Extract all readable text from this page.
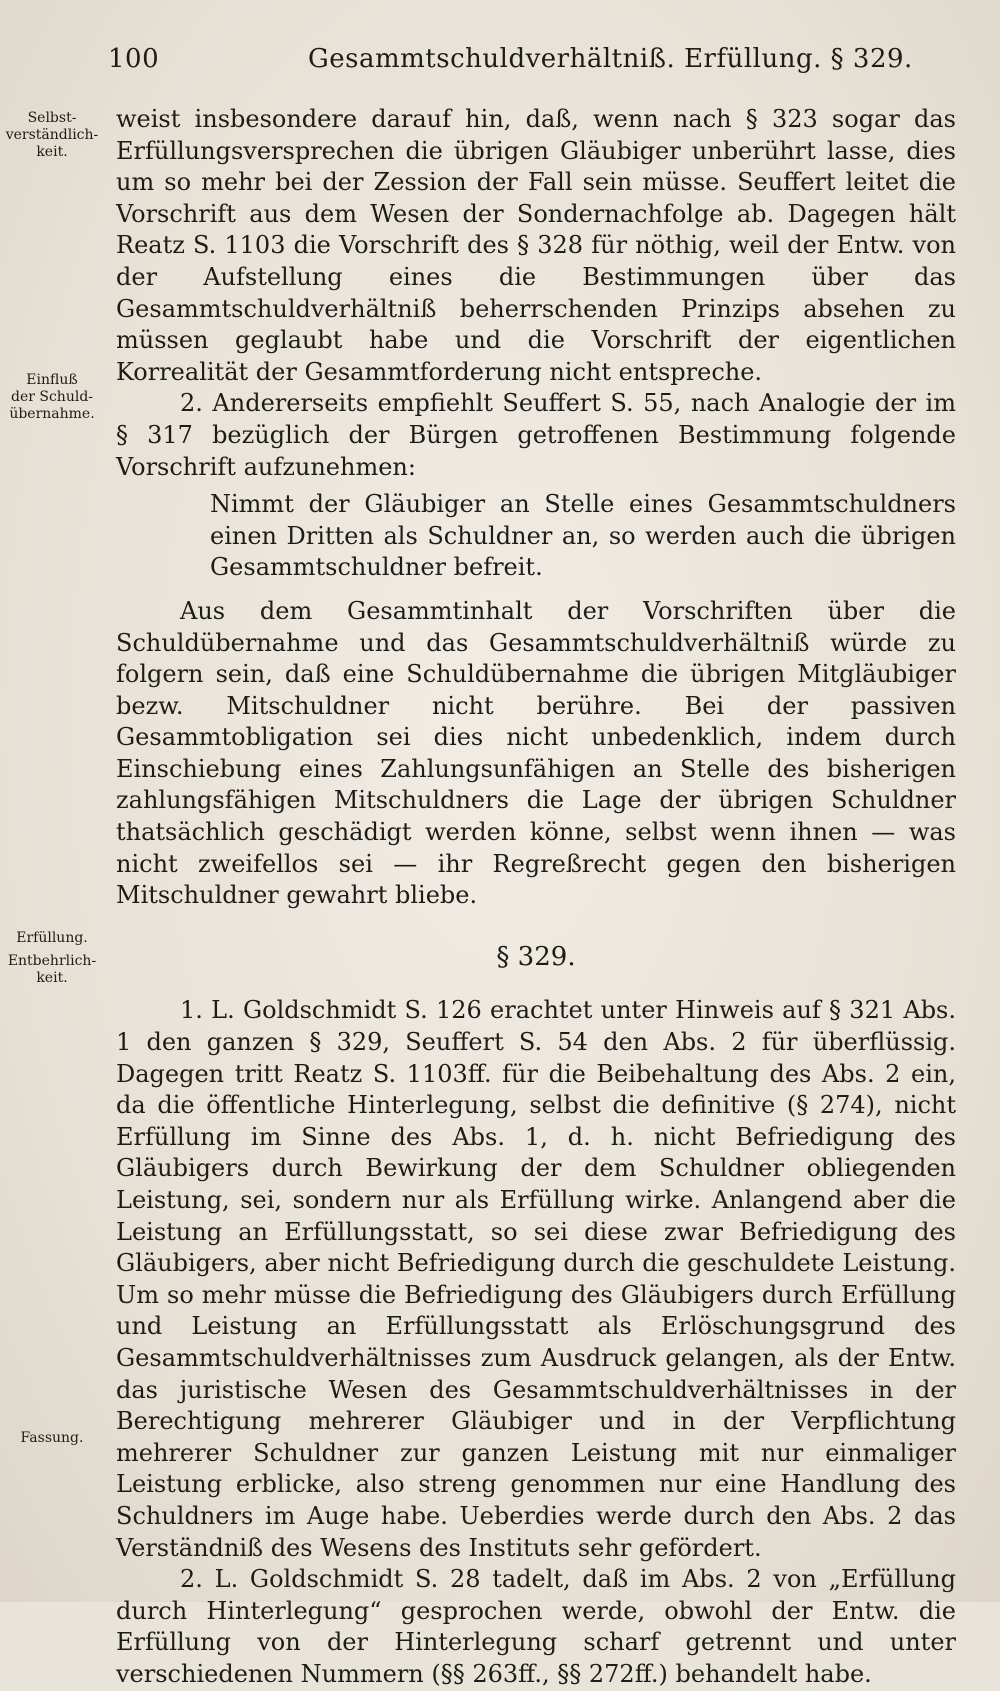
100	Gesammtschuldverhältniß. Erfüllung. § 329.
Selbst-
verständlich-
keit.
Einfluß
der Schuld-
übernahme.
Erfüllung.
Entbehrlich-
keit.
Fassung.

weist insbesondere darauf hin, daß, wenn nach § 323 sogar das Erfüllungsversprechen die übrigen Gläubiger unberührt lasse, dies um so mehr bei der Zession der Fall sein müsse. Seuffert leitet die Vorschrift aus dem Wesen der Sondernachfolge ab. Dagegen hält Reatz S. 1103 die Vorschrift des § 328 für nöthig, weil der Entw. von der Aufstellung eines die Bestimmungen über das Gesammtschuldverhältniß beherrschenden Prinzips absehen zu müssen geglaubt habe und die Vorschrift der eigentlichen Korrealität der Gesammtforderung nicht entspreche.

2. Andererseits empfiehlt Seuffert S. 55, nach Analogie der im § 317 bezüglich der Bürgen getroffenen Bestimmung folgende Vorschrift aufzunehmen:

Nimmt der Gläubiger an Stelle eines Gesammtschuldners einen Dritten als Schuldner an, so werden auch die übrigen Gesammtschuldner befreit.

Aus dem Gesammtinhalt der Vorschriften über die Schuldübernahme und das Gesammtschuldverhältniß würde zu folgern sein, daß eine Schuldübernahme die übrigen Mitgläubiger bezw. Mitschuldner nicht berühre. Bei der passiven Gesammtobligation sei dies nicht unbedenklich, indem durch Einschiebung eines Zahlungsunfähigen an Stelle des bisherigen zahlungsfähigen Mitschuldners die Lage der übrigen Schuldner thatsächlich geschädigt werden könne, selbst wenn ihnen — was nicht zweifellos sei — ihr Regreßrecht gegen den bisherigen Mitschuldner gewahrt bliebe.

§ 329.

1. L. Goldschmidt S. 126 erachtet unter Hinweis auf § 321 Abs. 1 den ganzen § 329, Seuffert S. 54 den Abs. 2 für überflüssig. Dagegen tritt Reatz S. 1103ff. für die Beibehaltung des Abs. 2 ein, da die öffentliche Hinterlegung, selbst die definitive (§ 274), nicht Erfüllung im Sinne des Abs. 1, d. h. nicht Befriedigung des Gläubigers durch Bewirkung der dem Schuldner obliegenden Leistung, sei, sondern nur als Erfüllung wirke. Anlangend aber die Leistung an Erfüllungsstatt, so sei diese zwar Befriedigung des Gläubigers, aber nicht Befriedigung durch die geschuldete Leistung. Um so mehr müsse die Befriedigung des Gläubigers durch Erfüllung und Leistung an Erfüllungsstatt als Erlöschungsgrund des Gesammtschuldverhältnisses zum Ausdruck gelangen, als der Entw. das juristische Wesen des Gesammtschuldverhältnisses in der Berechtigung mehrerer Gläubiger und in der Verpflichtung mehrerer Schuldner zur ganzen Leistung mit nur einmaliger Leistung erblicke, also streng genommen nur eine Handlung des Schuldners im Auge habe. Ueberdies werde durch den Abs. 2 das Verständniß des Wesens des Instituts sehr gefördert.

2. L. Goldschmidt S. 28 tadelt, daß im Abs. 2 von „Erfüllung durch Hinterlegung“ gesprochen werde, obwohl der Entw. die Erfüllung von der Hinterlegung scharf getrennt und unter verschiedenen Nummern (§§ 263ff., §§ 272ff.) behandelt habe.
